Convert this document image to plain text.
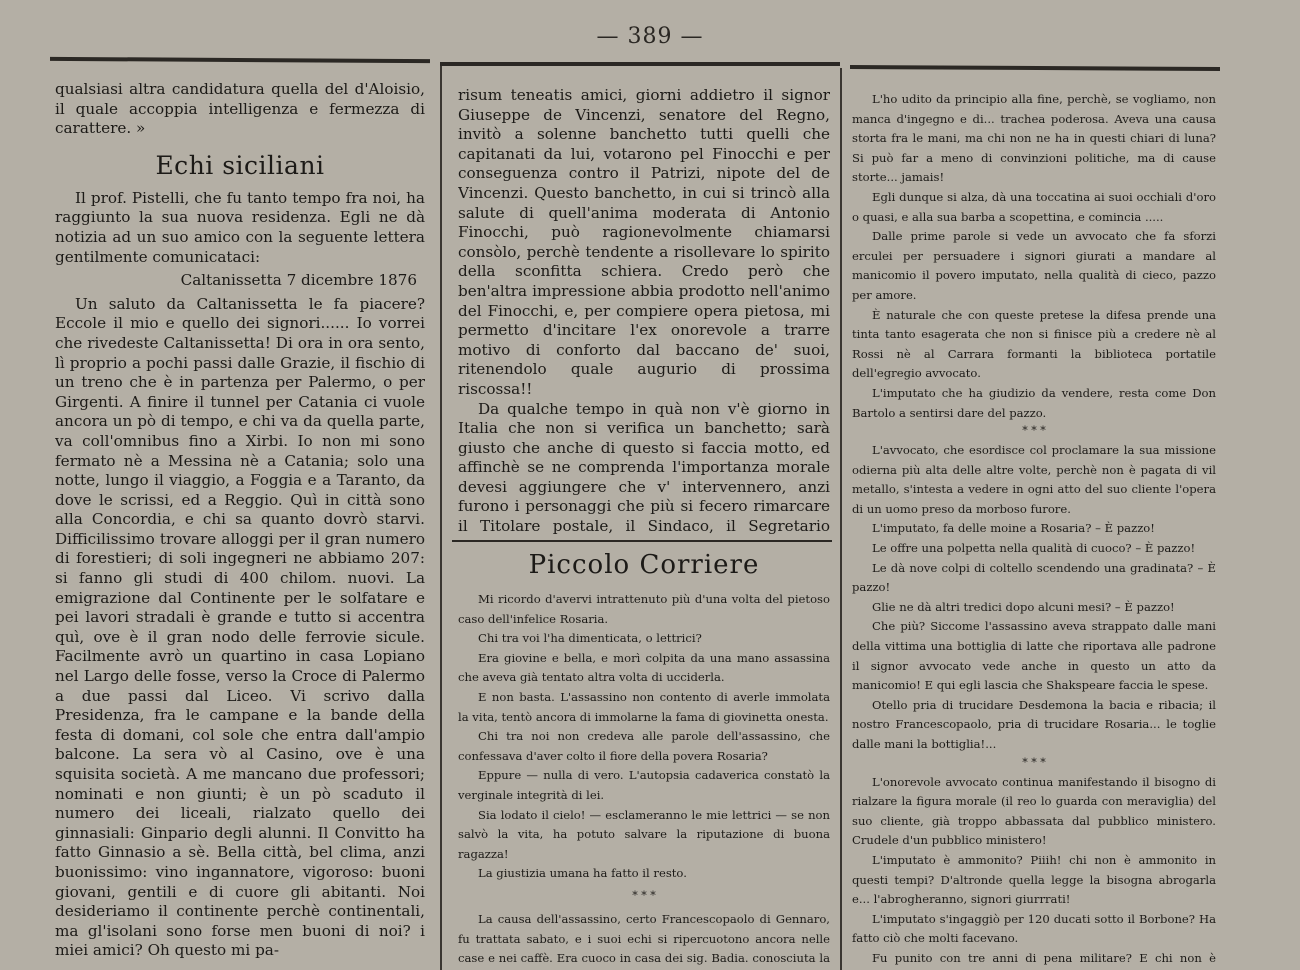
— 389 —

qualsiasi altra candidatura quella del d'Aloisio, il quale accoppia intelligenza e fermezza di carattere. »

Echi siciliani

Il prof. Pistelli, che fu tanto tempo fra noi, ha raggiunto la sua nuova residenza. Egli ne dà notizia ad un suo amico con la seguente lettera gentilmente comunicataci:

Caltanissetta 7 dicembre 1876

Un saluto da Caltanissetta le fa piacere? Eccole il mio e quello dei signori...... Io vorrei che rivedeste Caltanissetta! Di ora in ora sento, lì proprio a pochi passi dalle Grazie, il fischio di un treno che è in partenza per Palermo, o per Girgenti. A finire il tunnel per Catania ci vuole ancora un pò di tempo, e chi va da quella parte, va coll'omnibus fino a Xirbi. Io non mi sono fermato nè a Messina nè a Catania; solo una notte, lungo il viaggio, a Foggia e a Taranto, da dove le scrissi, ed a Reggio. Quì in città sono alla Concordia, e chi sa quanto dovrò starvi. Difficilissimo trovare alloggi per il gran numero di forestieri; di soli ingegneri ne abbiamo 207: si fanno gli studi di 400 chilom. nuovi. La emigrazione dal Continente per le solfatare e pei lavori stradali è grande e tutto si accentra quì, ove è il gran nodo delle ferrovie sicule. Facilmente avrò un quartino in casa Lopiano nel Largo delle fosse, verso la Croce di Palermo a due passi dal Liceo. Vi scrivo dalla Presidenza, fra le campane e la bande della festa di domani, col sole che entra dall'ampio balcone. La sera vò al Casino, ove è una squisita società. A me mancano due professori; nominati e non giunti; è un pò scaduto il numero dei liceali, rialzato quello dei ginnasiali: Ginpario degli alunni. Il Convitto ha fatto Ginnasio a sè. Bella città, bel clima, anzi buonissimo: vino ingannatore, vigoroso: buoni giovani, gentili e di cuore gli abitanti. Noi desideriamo il continente perchè continentali, ma gl'isolani sono forse men buoni di noi? i miei amici? Oh questo mi pa-

risum teneatis amici, giorni addietro il signor Giuseppe de Vincenzi, senatore del Regno, invitò a solenne banchetto tutti quelli che capitanati da lui, votarono pel Finocchi e per conseguenza contro il Patrizi, nipote del de Vincenzi. Questo banchetto, in cui si trincò alla salute di quell'anima moderata di Antonio Finocchi, può ragionevolmente chiamarsi consòlo, perchè tendente a risollevare lo spirito della sconfitta schiera. Credo però che ben'altra impressione abbia prodotto nell'animo del Finocchi, e, per compiere opera pietosa, mi permetto d'incitare l'ex onorevole a trarre motivo di conforto dal baccano de' suoi, ritenendolo quale augurio di prossima riscossa!!

Da qualche tempo in quà non v'è giorno in Italia che non si verifica un banchetto; sarà giusto che anche di questo si faccia motto, ed affinchè se ne comprenda l'importanza morale devesi aggiungere che v' intervennero, anzi furono i personaggi che più si fecero rimarcare il Titolare postale, il Sindaco, il Segretario

Piccolo Corriere

Mi ricordo d'avervi intrattenuto più d'una volta del pietoso caso dell'infelice Rosaria.

Chi tra voi l'ha dimenticata, o lettrici?

Era giovine e bella, e morì colpita da una mano assassina che aveva già tentato altra volta di ucciderla.

E non basta. L'assassino non contento di averle immolata la vita, tentò ancora di immolarne la fama di giovinetta onesta.

Chi tra noi non credeva alle parole dell'assassino, che confessava d'aver colto il fiore della povera Rosaria?

Eppure — nulla di vero. L'autopsia cadaverica constatò la verginale integrità di lei.

Sia lodato il cielo! — esclameranno le mie lettrici — se non salvò la vita, ha potuto salvare la riputazione di buona ragazza!

La giustizia umana ha fatto il resto.

* * *

La causa dell'assassino, certo Francescopaolo di Gennaro, fu trattata sabato, e i suoi echi si ripercuotono ancora nelle case e nei caffè. Era cuoco in casa dei sig. Badia. conosciuta la

L'ho udito da principio alla fine, perchè, se vogliamo, non manca d'ingegno e di... trachea poderosa. Aveva una causa storta fra le mani, ma chi non ne ha in questi chiari di luna? Si può far a meno di convinzioni politiche, ma di cause storte... jamais!

Egli dunque si alza, dà una toccatina ai suoi occhiali d'oro o quasi, e alla sua barba a scopettina, e comincia .....

Dalle prime parole si vede un avvocato che fa sforzi erculei per persuadere i signori giurati a mandare al manicomio il povero imputato, nella qualità di cieco, pazzo per amore.

È naturale che con queste pretese la difesa prende una tinta tanto esagerata che non si finisce più a credere nè al Rossi nè al Carrara formanti la biblioteca portatile dell'egregio avvocato.

L'imputato che ha giudizio da vendere, resta come Don Bartolo a sentirsi dare del pazzo.

* * *

L'avvocato, che esordisce col proclamare la sua missione odierna più alta delle altre volte, perchè non è pagata di vil metallo, s'intesta a vedere in ogni atto del suo cliente l'opera di un uomo preso da morboso furore.

L'imputato, fa delle moine a Rosaria? – È pazzo!

Le offre una polpetta nella qualità di cuoco? – È pazzo!

Le dà nove colpi di coltello scendendo una gradinata? – È pazzo!

Glie ne dà altri tredici dopo alcuni mesi? – È pazzo!

Che più? Siccome l'assassino aveva strappato dalle mani della vittima una bottiglia di latte che riportava alle padrone il signor avvocato vede anche in questo un atto da manicomio! E qui egli lascia che Shakspeare faccia le spese.

Otello pria di trucidare Desdemona la bacia e ribacia; il nostro Francescopaolo, pria di trucidare Rosaria... le toglie dalle mani la bottiglia!...

* * *

L'onorevole avvocato continua manifestando il bisogno di rialzare la figura morale (il reo lo guarda con meraviglia) del suo cliente, già troppo abbassata dal pubblico ministero. Crudele d'un pubblico ministero!

L'imputato è ammonito? Piiih! chi non è ammonito in questi tempi? D'altronde quella legge la bisogna abrogarla e... l'abrogheranno, signori giurrrati!

L'imputato s'ingaggiò per 120 ducati sotto il Borbone? Ha fatto ciò che molti facevano.

Fu punito con tre anni di pena militare? E chi non è
